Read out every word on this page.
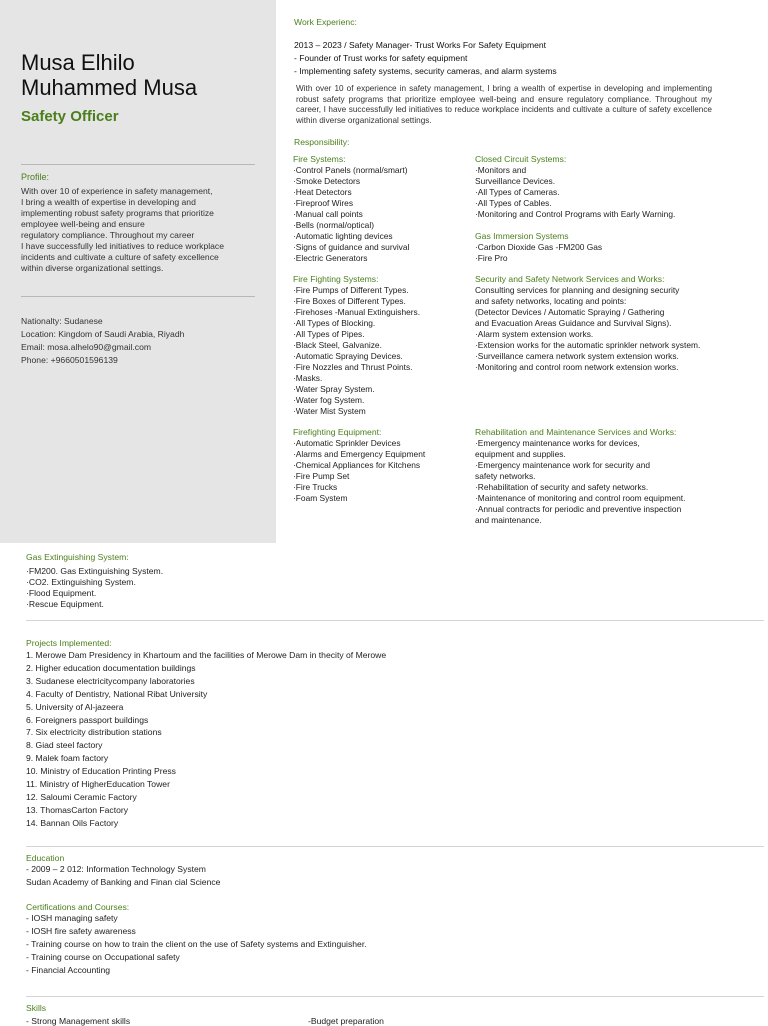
Musa Elhilo
Muhammed Musa
Safety Officer
Profile:
With over 10 of experience in safety management,
I bring a wealth of expertise in developing and
implementing robust safety programs that prioritize
employee well-being and ensure
regulatory compliance. Throughout my career
I have successfully led initiatives to reduce workplace
incidents and cultivate a culture of safety excellence
within diverse organizational settings.
Nationalty: Sudanese
Location: Kingdom of Saudi Arabia, Riyadh
Email: mosa.alhelo90@gmail.com
Phone: +9660501596139
Work Experienc:
2013 – 2023 / Safety Manager- Trust Works For Safety Equipment
- Founder of Trust works for safety equipment
- Implementing safety systems, security cameras, and alarm systems
With over 10 of experience in safety management, I bring a wealth of expertise in developing and implementing robust safety programs that prioritize employee well-being and ensure regulatory compliance. Throughout my career, I have successfully led initiatives to reduce workplace incidents and cultivate a culture of safety excellence within diverse organizational settings.
Responsibility:
Fire Systems:
·Control Panels (normal/smart)
·Smoke Detectors
·Heat Detectors
·Fireproof Wires
·Manual call points
·Bells (normal/optical)
·Automatic lighting devices
·Signs of guidance and survival
·Electric Generators
Closed Circuit Systems:
·Monitors and
Surveillance Devices.
·All Types of Cameras.
·All Types of Cables.
·Monitoring and Control Programs with Early Warning.
Gas Immersion Systems
·Carbon Dioxide Gas -FM200 Gas
·Fire Pro
Fire Fighting Systems:
·Fire Pumps of Different Types.
·Fire Boxes of Different Types.
·Firehoses -Manual Extinguishers.
·All Types of Blocking.
·All Types of Pipes.
·Black Steel, Galvanize.
·Automatic Spraying Devices.
·Fire Nozzles and Thrust Points.
·Masks.
·Water Spray System.
·Water fog System.
·Water Mist System
Security and Safety Network Services and Works:
Consulting services for planning and designing security
and safety networks, locating and points:
(Detector Devices / Automatic Spraying / Gathering
and Evacuation Areas Guidance and Survival Signs).
·Alarm system extension works.
·Extension works for the automatic sprinkler network system.
·Surveillance camera network system extension works.
·Monitoring and control room network extension works.
Firefighting Equipment:
·Automatic Sprinkler Devices
·Alarms and Emergency Equipment
·Chemical Appliances for Kitchens
·Fire Pump Set
·Fire Trucks
·Foam System
Rehabilitation and Maintenance Services and Works:
·Emergency maintenance works for devices,
equipment and supplies.
·Emergency maintenance work for security and
safety networks.
·Rehabilitation of security and safety networks.
·Maintenance of monitoring and control room equipment.
·Annual contracts for periodic and preventive inspection
and maintenance.
Gas Extinguishing System:
·FM200. Gas Extinguishing System.
·CO2. Extinguishing System.
·Flood Equipment.
·Rescue Equipment.
Projects Implemented:
1. Merowe Dam Presidency in Khartoum and the facilities of Merowe Dam in thecity of Merowe
2. Higher education documentation buildings
3. Sudanese electricitycompany laboratories
4. Faculty of Dentistry, National Ribat University
5. University of Al-jazeera
6. Foreigners passport buildings
7. Six electricity distribution stations
8. Giad steel factory
9. Malek foam factory
10. Ministry of Education Printing Press
11. Ministry of HigherEducation Tower
12. Saloumi Ceramic Factory
13. ThomasCarton Factory
14. Bannan Oils Factory
Education
- 2009 – 2 012: Information Technology System
Sudan Academy of Banking and Finan cial Science
Certifications and Courses:
- IOSH managing safety
- IOSH fire safety awareness
- Training course on how to train the client on the use of Safety systems and Extinguisher.
- Training course on Occupational safety
- Financial Accounting
Skills
- Strong Management skills	-Budget preparation
